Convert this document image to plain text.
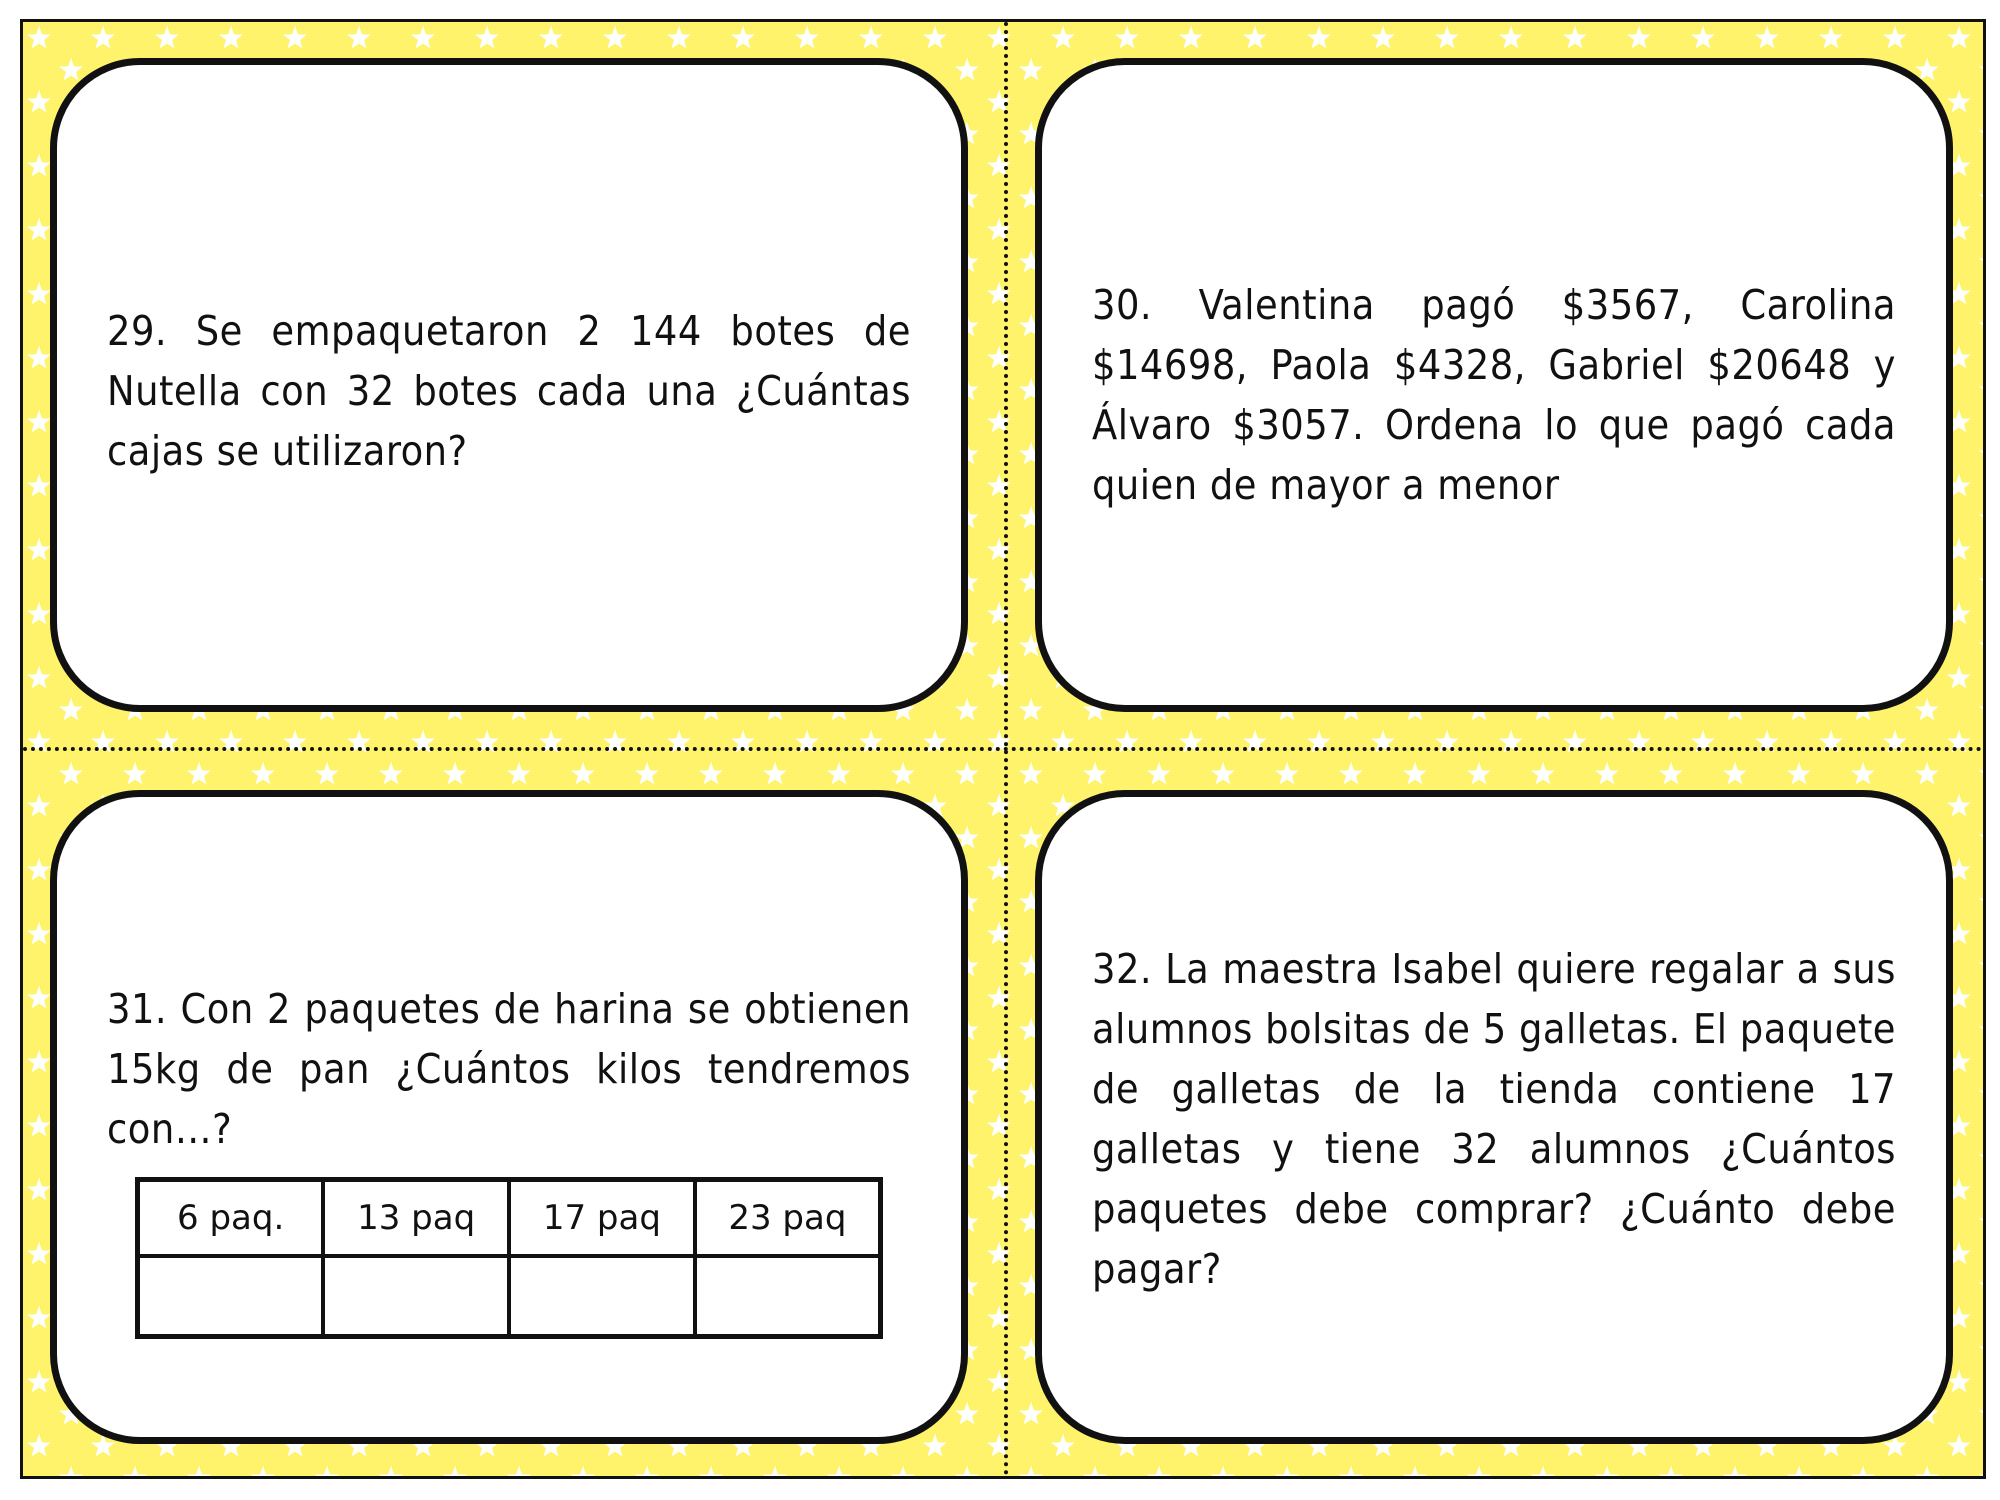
29. Se empaquetaron 2 144 botes de Nutella con 32 botes cada una ¿Cuántas cajas se utilizaron?
30. Valentina pagó $3567, Carolina $14698, Paola $4328, Gabriel $20648 y Álvaro $3057. Ordena lo que pagó cada quien de mayor a menor
31. Con 2 paquetes de harina se obtienen 15kg de pan ¿Cuántos kilos tendremos con…?
6 paq.	13 paq	17 paq	23 paq

32. La maestra Isabel quiere regalar a sus alumnos bolsitas de 5 galletas. El paquete de galletas de la tienda contiene 17 galletas y tiene 32 alumnos ¿Cuántos paquetes debe comprar? ¿Cuánto debe pagar?
